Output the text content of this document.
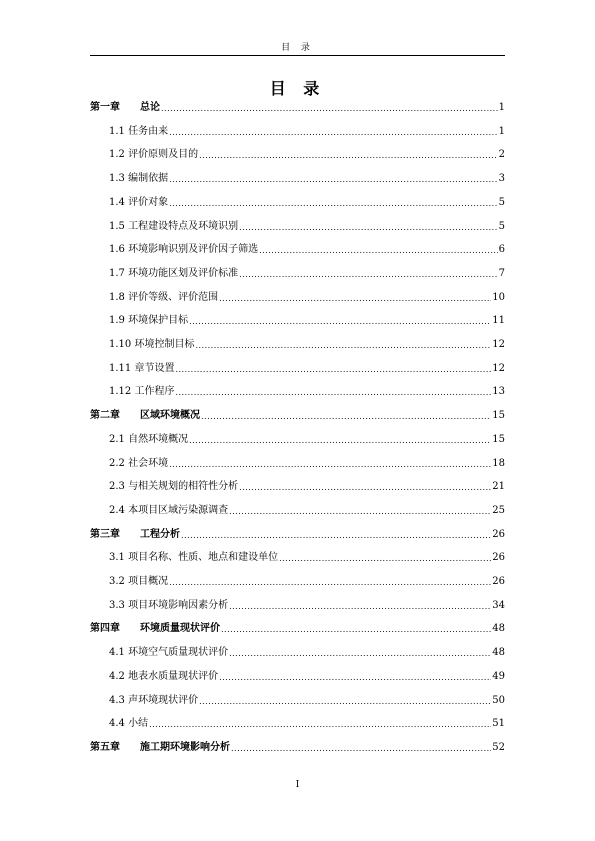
目 录
目 录
第一章 总论 .....	1
1.1 任务由来 .....	1
1.2 评价原则及目的 .....	2
1.3 编制依据 .....	3
1.4 评价对象 .....	5
1.5 工程建设特点及环境识别 .....	5
1.6 环境影响识别及评价因子筛选 .....	6
1.7 环境功能区划及评价标准 .....	7
1.8 评价等级、评价范围 .....	10
1.9 环境保护目标 .....	11
1.10 环境控制目标 .....	12
1.11 章节设置 .....	12
1.12 工作程序 .....	13
第二章 区域环境概况 .....	15
2.1 自然环境概况 .....	15
2.2 社会环境 .....	18
2.3 与相关规划的相符性分析 .....	21
2.4 本项目区域污染源调查 .....	25
第三章 工程分析 .....	26
3.1 项目名称、性质、地点和建设单位 .....	26
3.2 项目概况 .....	26
3.3 项目环境影响因素分析 .....	34
第四章 环境质量现状评价 .....	48
4.1 环境空气质量现状评价 .....	48
4.2 地表水质量现状评价 .....	49
4.3 声环境现状评价 .....	50
4.4 小结 .....	51
第五章 施工期环境影响分析 .....	52
I
